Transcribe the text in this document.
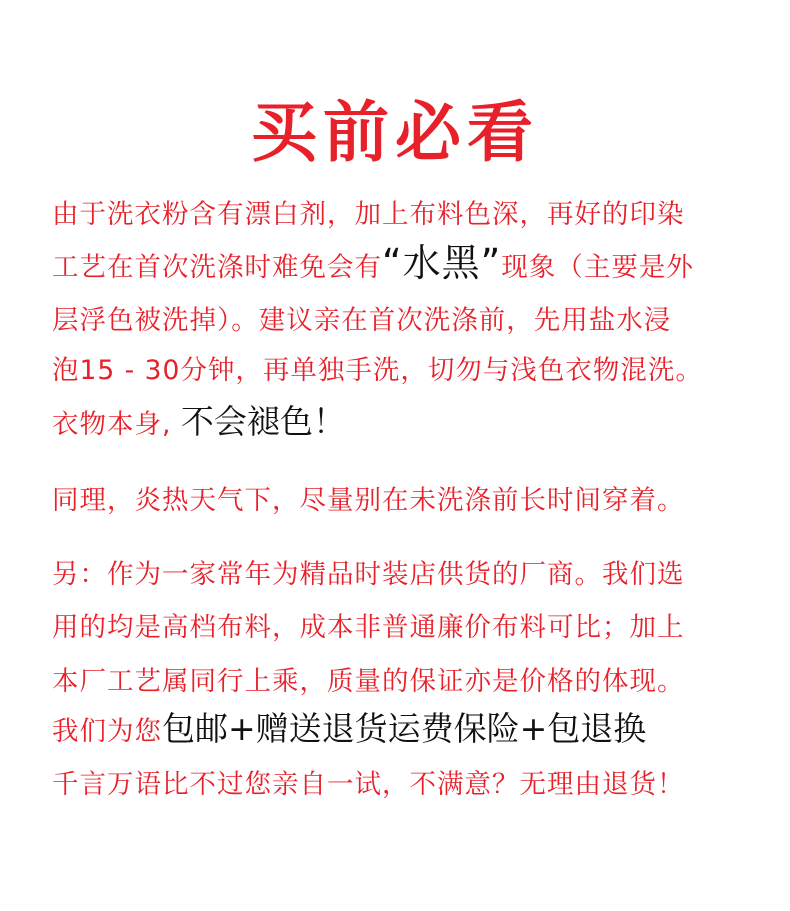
买前必看
由于洗衣粉含有漂白剂，加上布料色深，再好的印染
工艺在首次洗涤时难免会有“水黑”现象（主要是外
层浮色被洗掉）。建议亲在首次洗涤前，先用盐水浸
泡15 - 30分钟，再单独手洗，切勿与浅色衣物混洗。
衣物本身, 不会褪色！
同理，炎热天气下，尽量别在未洗涤前长时间穿着。
另：作为一家常年为精品时装店供货的厂商。我们选
用的均是高档布料，成本非普通廉价布料可比；加上
本厂工艺属同行上乘，质量的保证亦是价格的体现。
我们为您包邮+赠送退货运费保险+包退换
千言万语比不过您亲自一试，不满意？无理由退货！
